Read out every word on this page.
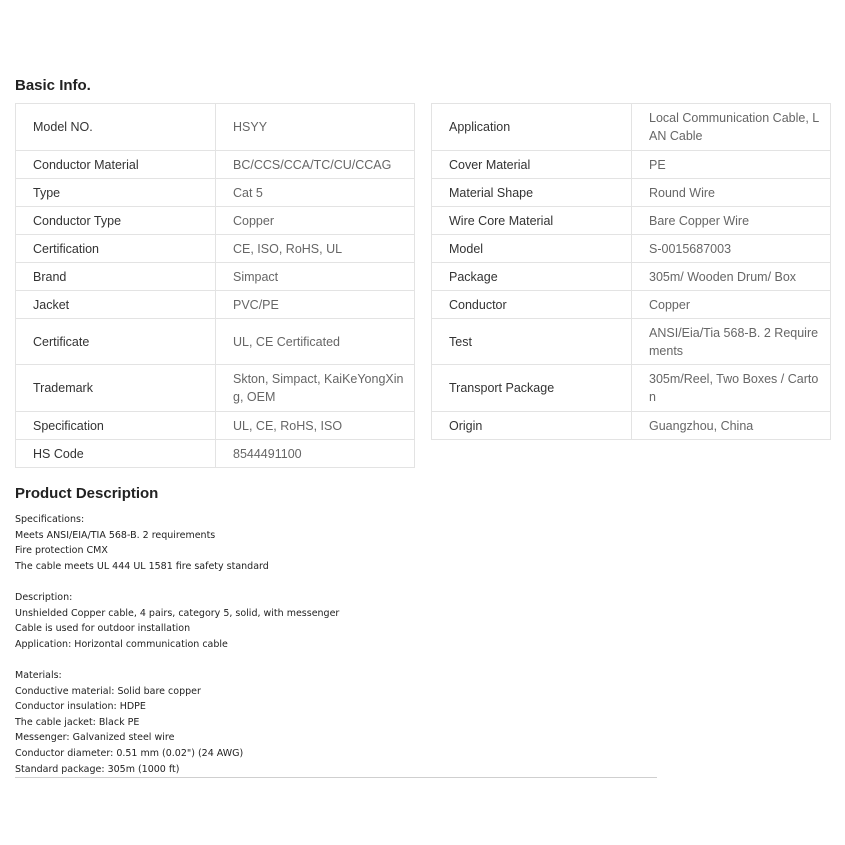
Basic Info.
Model NO.	HSYY
Conductor Material	BC/CCS/CCA/TC/CU/CCAG
Type	Cat 5
Conductor Type	Copper
Certification	CE, ISO, RoHS, UL
Brand	Simpact
Jacket	PVC/PE
Certificate	UL, CE Certificated
Trademark	Skton, Simpact, KaiKeYongXing, OEM
Specification	UL, CE, RoHS, ISO
HS Code	8544491100
Application	Local Communication Cable, LAN Cable
Cover Material	PE
Material Shape	Round Wire
Wire Core Material	Bare Copper Wire
Model	S-0015687003
Package	305m/ Wooden Drum/ Box
Conductor	Copper
Test	ANSI/Eia/Tia 568-B. 2 Requirements
Transport Package	305m/Reel, Two Boxes / Carton
Origin	Guangzhou, China
Product Description
Specifications:
Meets ANSI/EIA/TIA 568-B. 2 requirements
Fire protection CMX
The cable meets UL 444 UL 1581 fire safety standard
Description:
Unshielded Copper cable, 4 pairs, category 5, solid, with messenger
Cable is used for outdoor installation
Application: Horizontal communication cable
Materials:
Conductive material: Solid bare copper
Conductor insulation: HDPE
The cable jacket: Black PE
Messenger: Galvanized steel wire
Conductor diameter: 0.51 mm (0.02") (24 AWG)
Standard package: 305m (1000 ft)
